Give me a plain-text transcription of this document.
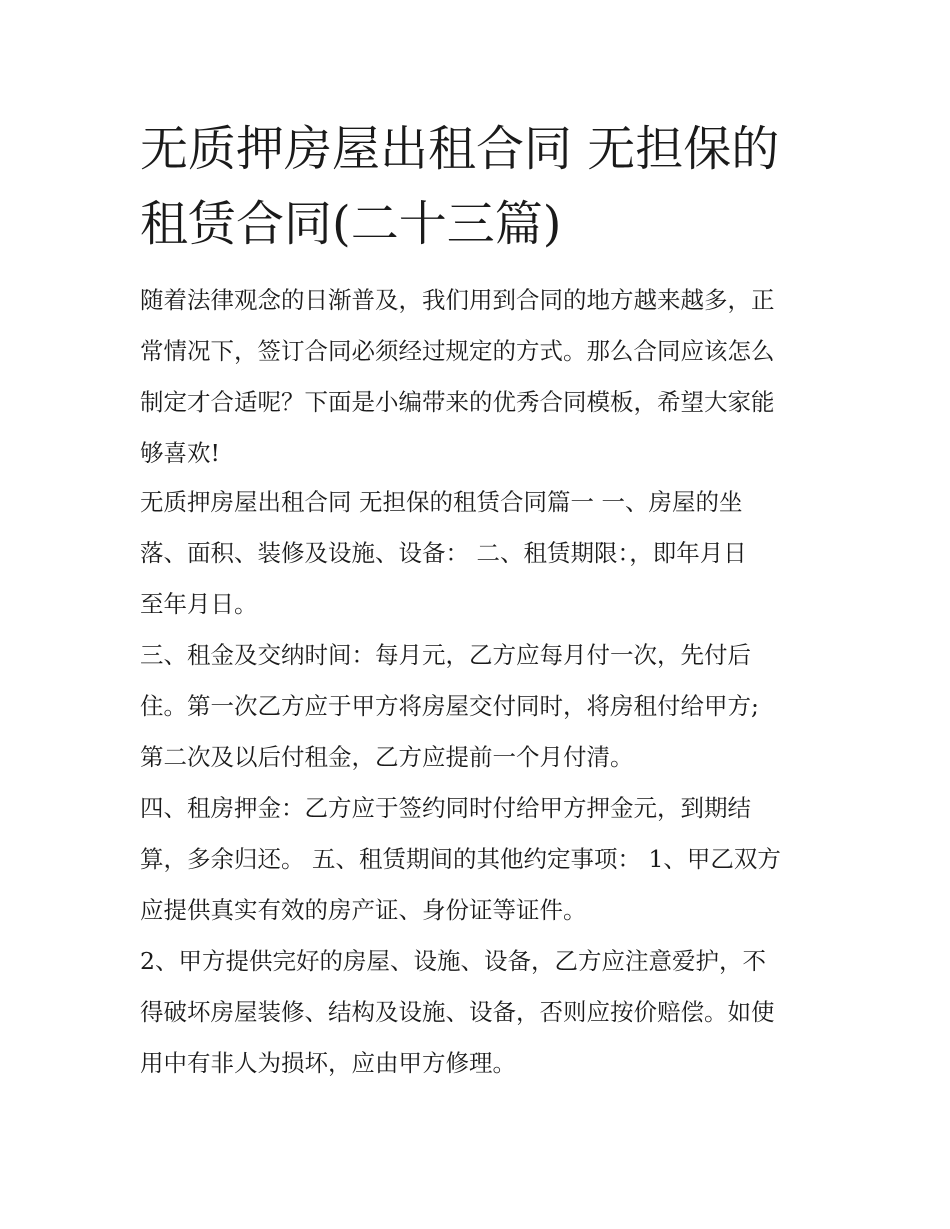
无质押房屋出租合同 无担保的
租赁合同(二十三篇)
随着法律观念的日渐普及，我们用到合同的地方越来越多，正
常情况下，签订合同必须经过规定的方式。那么合同应该怎么
制定才合适呢？下面是小编带来的优秀合同模板，希望大家能
够喜欢!
无质押房屋出租合同 无担保的租赁合同篇一 一、房屋的坐
落、面积、装修及设施、设备： 二、租赁期限：，即年月日
至年月日。
三、租金及交纳时间：每月元，乙方应每月付一次，先付后
住。第一次乙方应于甲方将房屋交付同时，将房租付给甲方;
第二次及以后付租金，乙方应提前一个月付清。
四、租房押金：乙方应于签约同时付给甲方押金元，到期结
算，多余归还。 五、租赁期间的其他约定事项： 1、甲乙双方
应提供真实有效的房产证、身份证等证件。
2、甲方提供完好的房屋、设施、设备，乙方应注意爱护，不
得破坏房屋装修、结构及设施、设备，否则应按价赔偿。如使
用中有非人为损坏，应由甲方修理。
